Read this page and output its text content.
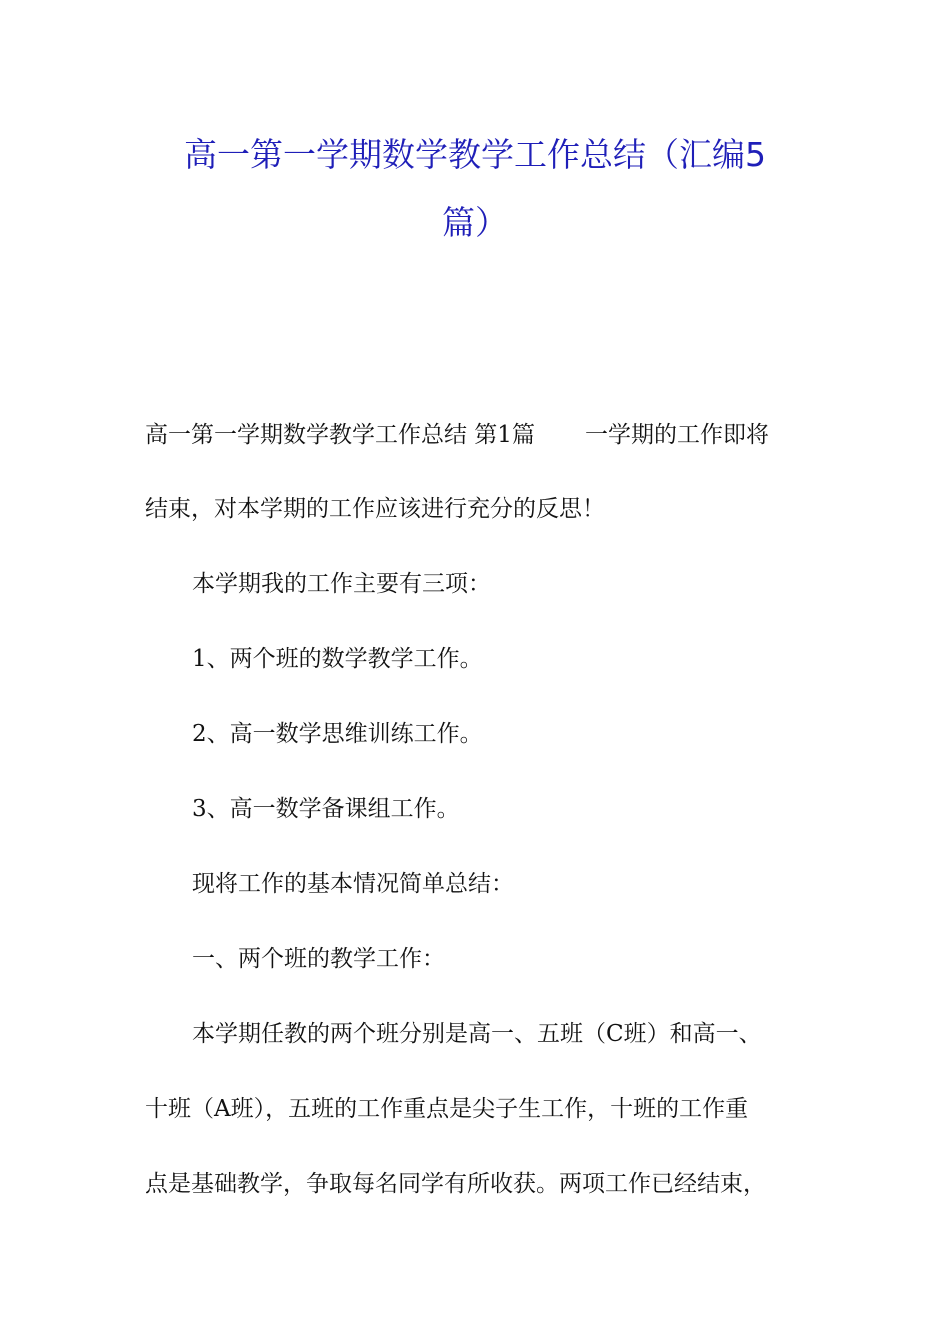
高一第一学期数学教学工作总结（汇编5
篇）
高一第一学期数学教学工作总结 第1篇 一学期的工作即将
结束，对本学期的工作应该进行充分的反思！
本学期我的工作主要有三项：
1、两个班的数学教学工作。
2、高一数学思维训练工作。
3、高一数学备课组工作。
现将工作的基本情况简单总结：
一、两个班的教学工作：
本学期任教的两个班分别是高一、五班（C班）和高一、
十班（A班），五班的工作重点是尖子生工作，十班的工作重
点是基础教学，争取每名同学有所收获。两项工作已经结束，
